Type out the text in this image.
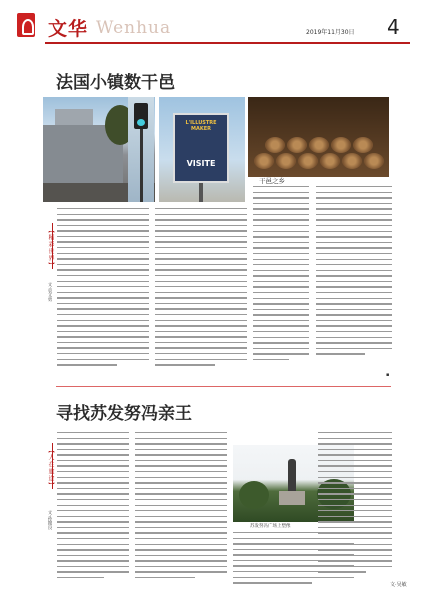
文华 Wenhua	2019年11月30日 4
法国小镇数干邑
L'ILLUSTRE MAKER
VISITE
干邑之乡
【精彩世界】
文·袁文勇
▪
寻找苏发努冯亲王
【人在旅途】
文·孙赣良	苏发努冯广场上塑像
文·吴敏
